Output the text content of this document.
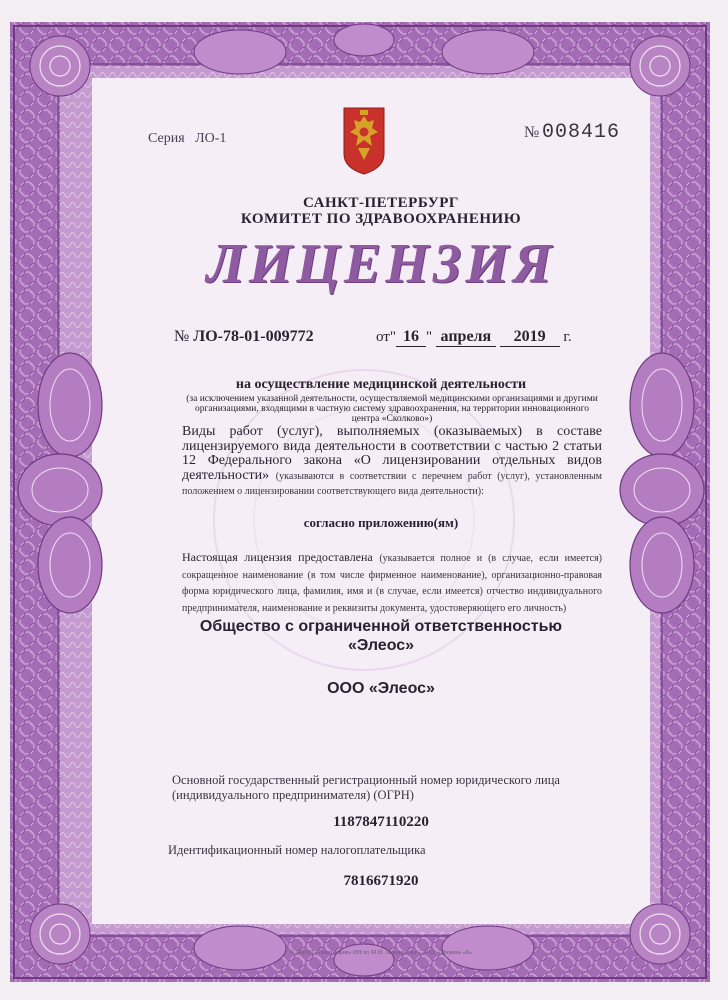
Серия ЛО-1	№ 008416
САНКТ-ПЕТЕРБУРГ
КОМИТЕТ ПО ЗДРАВООХРАНЕНИЮ
ЛИЦЕНЗИЯ
№ ЛО-78-01-009772	от" 16 " апреля 2019 г.
на осуществление медицинской деятельности
(за исключением указанной деятельности, осуществляемой медицинскими организациями и другими организациями, входящими в частную систему здравоохранения, на территории инновационного центра «Сколково»)
Виды работ (услуг), выполняемых (оказываемых) в составе лицензируемого вида деятельности в соответствии с частью 2 статьи 12 Федерального закона «О лицензировании отдельных видов деятельности» (указываются в соответствии с перечнем работ (услуг), установленным положением о лицензировании соответствующего вида деятельности):
согласно приложению(ям)
Настоящая лицензия предоставлена (указывается полное и (в случае, если имеется) сокращенное наименование (в том числе фирменное наименование), организационно-правовая форма юридического лица, фамилия, имя и (в случае, если имеется) отчество индивидуального предпринимателя, наименование и реквизиты документа, удостоверяющего его личность)
Общество с ограниченной ответственностью
«Элеос»
ООО «Элеос»
Основной государственный регистрационный номер юридического лица (индивидуального предпринимателя) (ОГРН)
1187847110220
Идентификационный номер налогоплательщика
7816671920
© ФКОП «Типография» НН по М.И. Ломоносова». 2018. «Уровень «Б»
